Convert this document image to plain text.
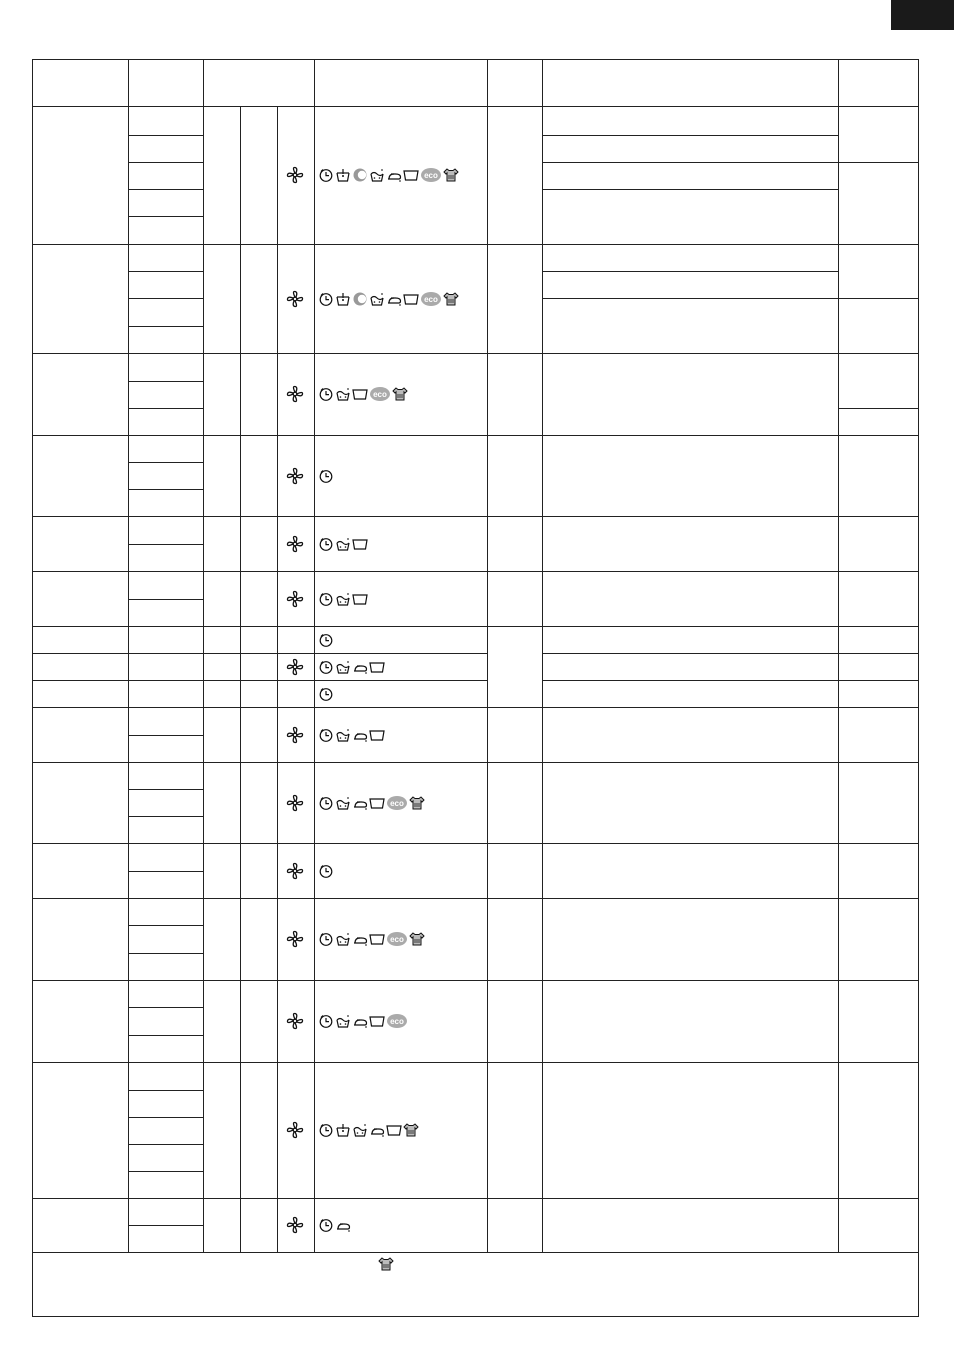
eco
eco
eco
eco
eco
eco
